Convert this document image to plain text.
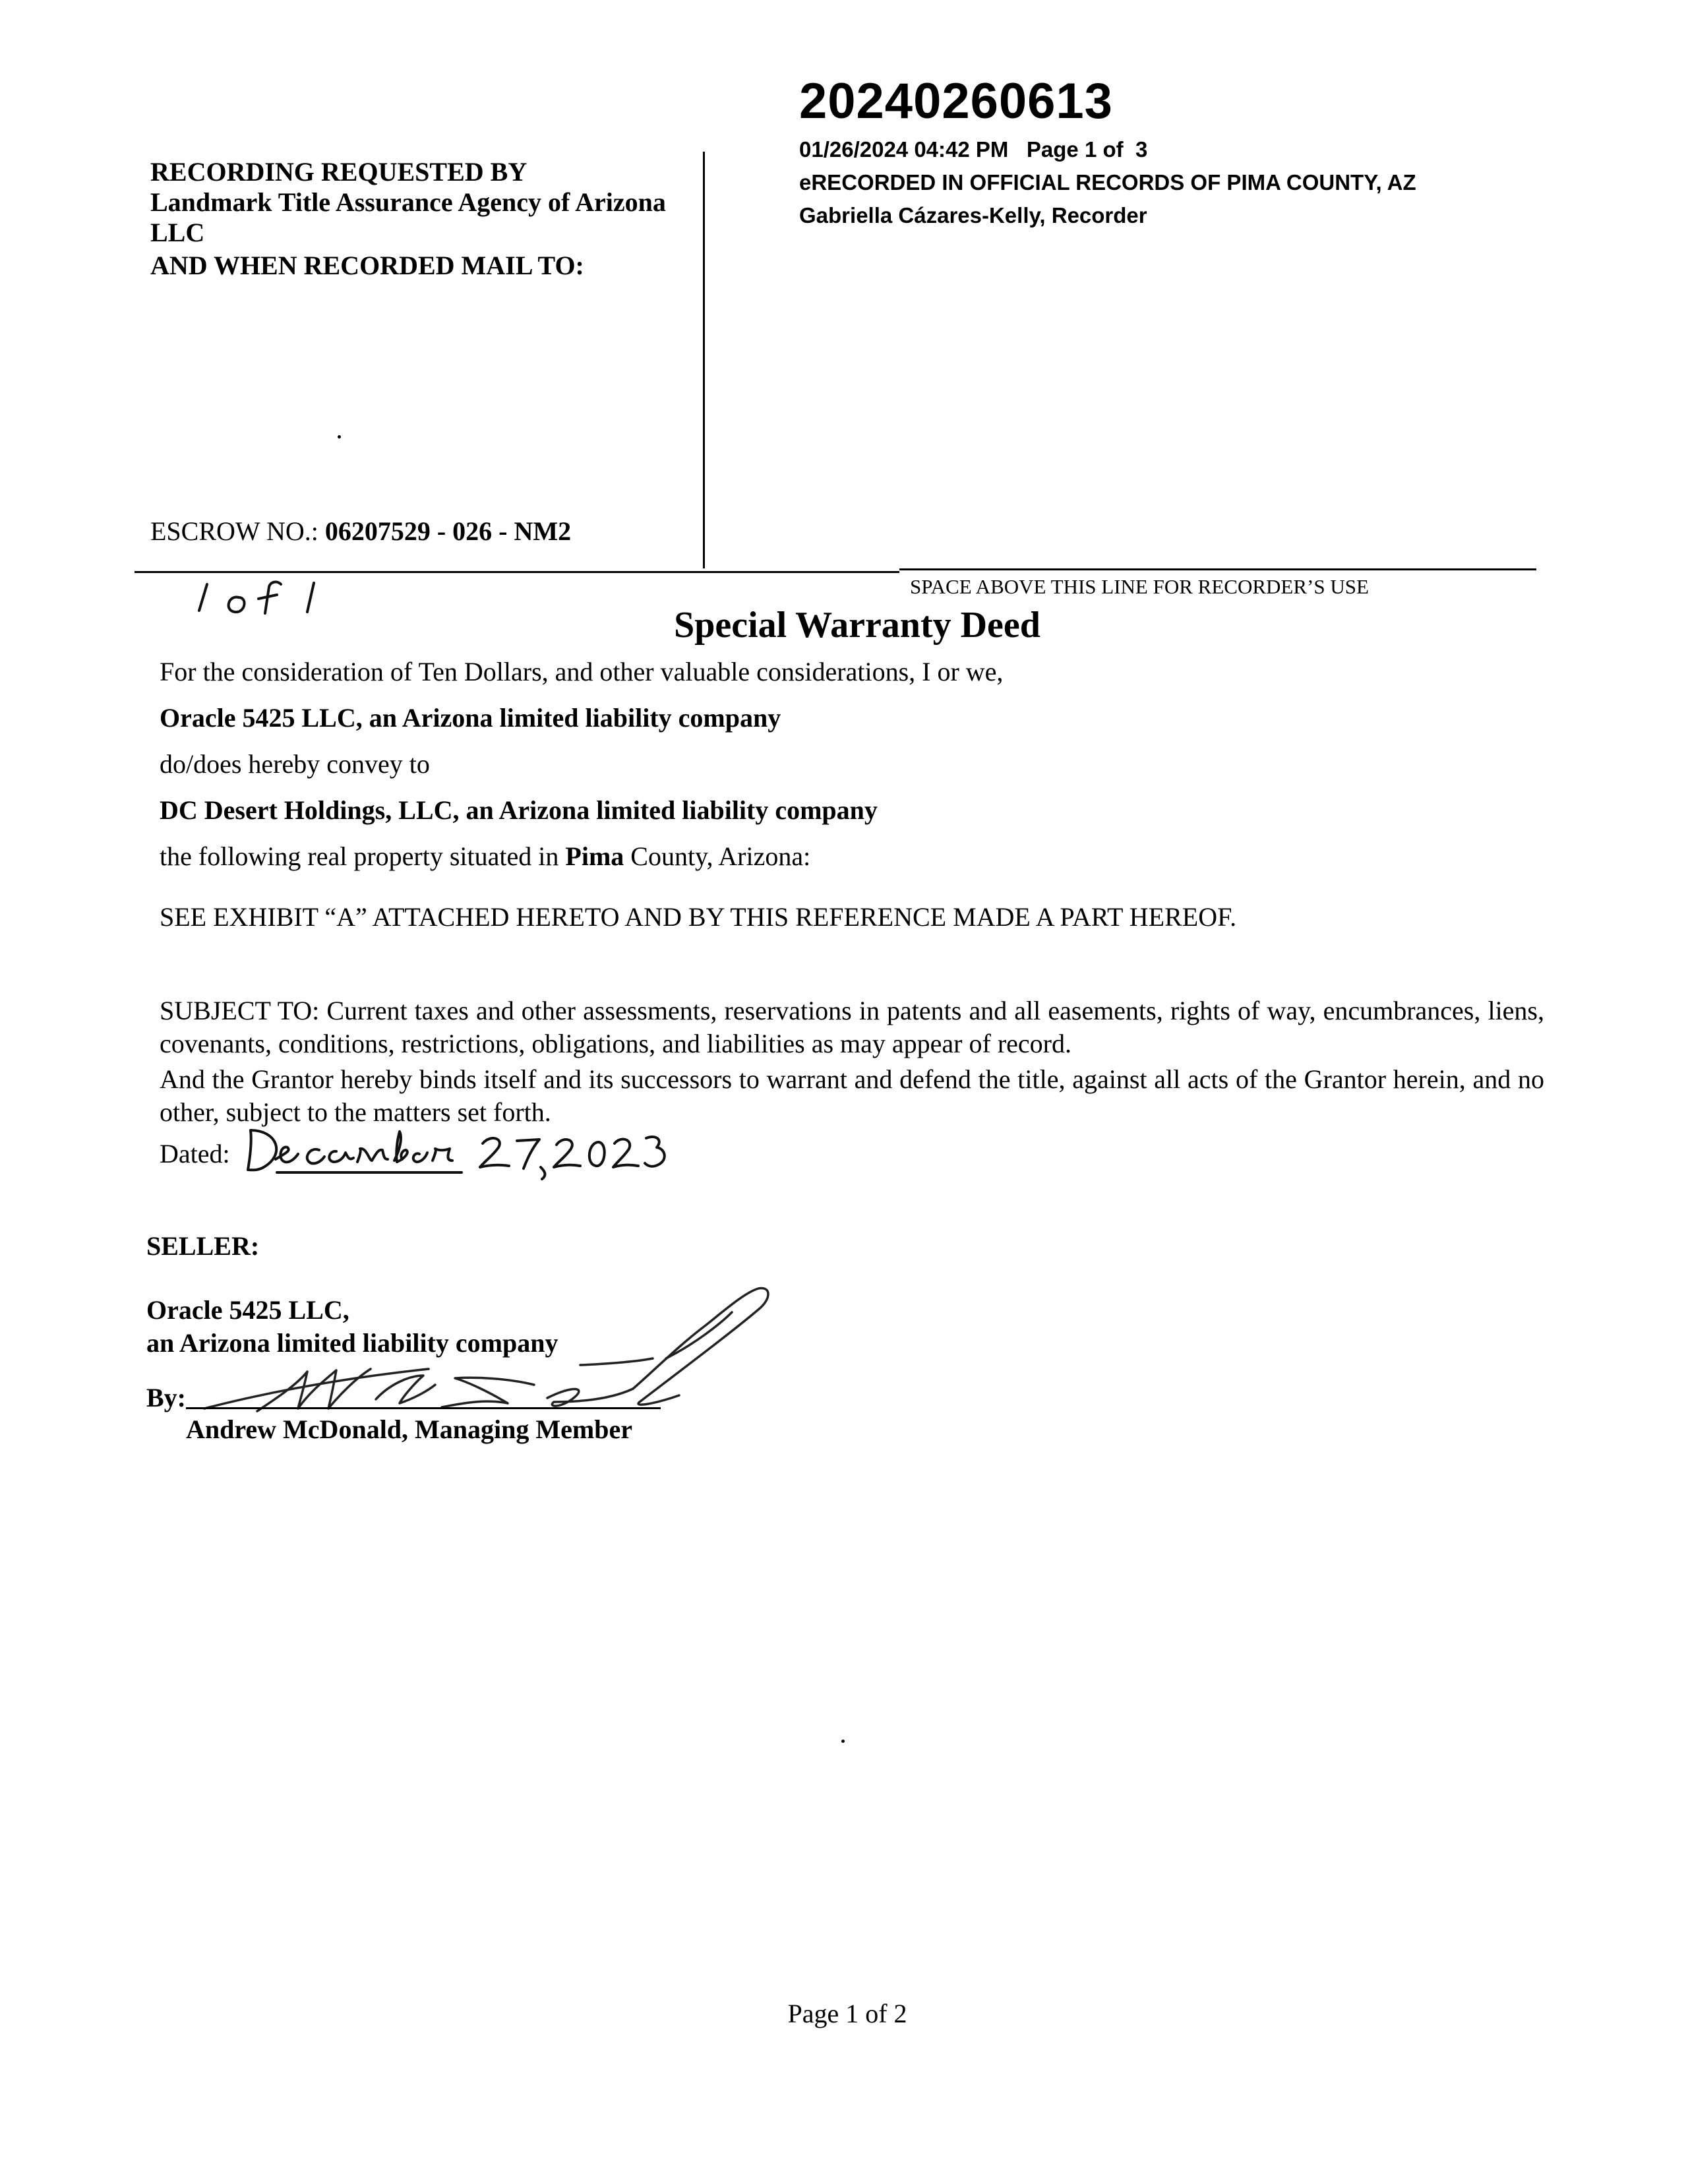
20240260613
01/26/2024 04:42 PM   Page 1 of  3
eRECORDED IN OFFICIAL RECORDS OF PIMA COUNTY, AZ
Gabriella Cázares-Kelly, Recorder
RECORDING REQUESTED BY
Landmark Title Assurance Agency of Arizona LLC
AND WHEN RECORDED MAIL TO:
ESCROW NO.: 06207529 - 026 - NM2
SPACE ABOVE THIS LINE FOR RECORDER’S USE
Special Warranty Deed
For the consideration of Ten Dollars, and other valuable considerations, I or we,
Oracle 5425 LLC, an Arizona limited liability company
do/does hereby convey to
DC Desert Holdings, LLC, an Arizona limited liability company
the following real property situated in Pima County, Arizona:
SEE EXHIBIT “A” ATTACHED HERETO AND BY THIS REFERENCE MADE A PART HEREOF.
SUBJECT TO: Current taxes and other assessments, reservations in patents and all easements, rights of way, encumbrances, liens, covenants, conditions, restrictions, obligations, and liabilities as may appear of record.
And the Grantor hereby binds itself and its successors to warrant and defend the title, against all acts of the Grantor herein, and no other, subject to the matters set forth.
Dated:
SELLER:
Oracle 5425 LLC,
an Arizona limited liability company
By:
Andrew McDonald, Managing Member
Page 1 of 2
